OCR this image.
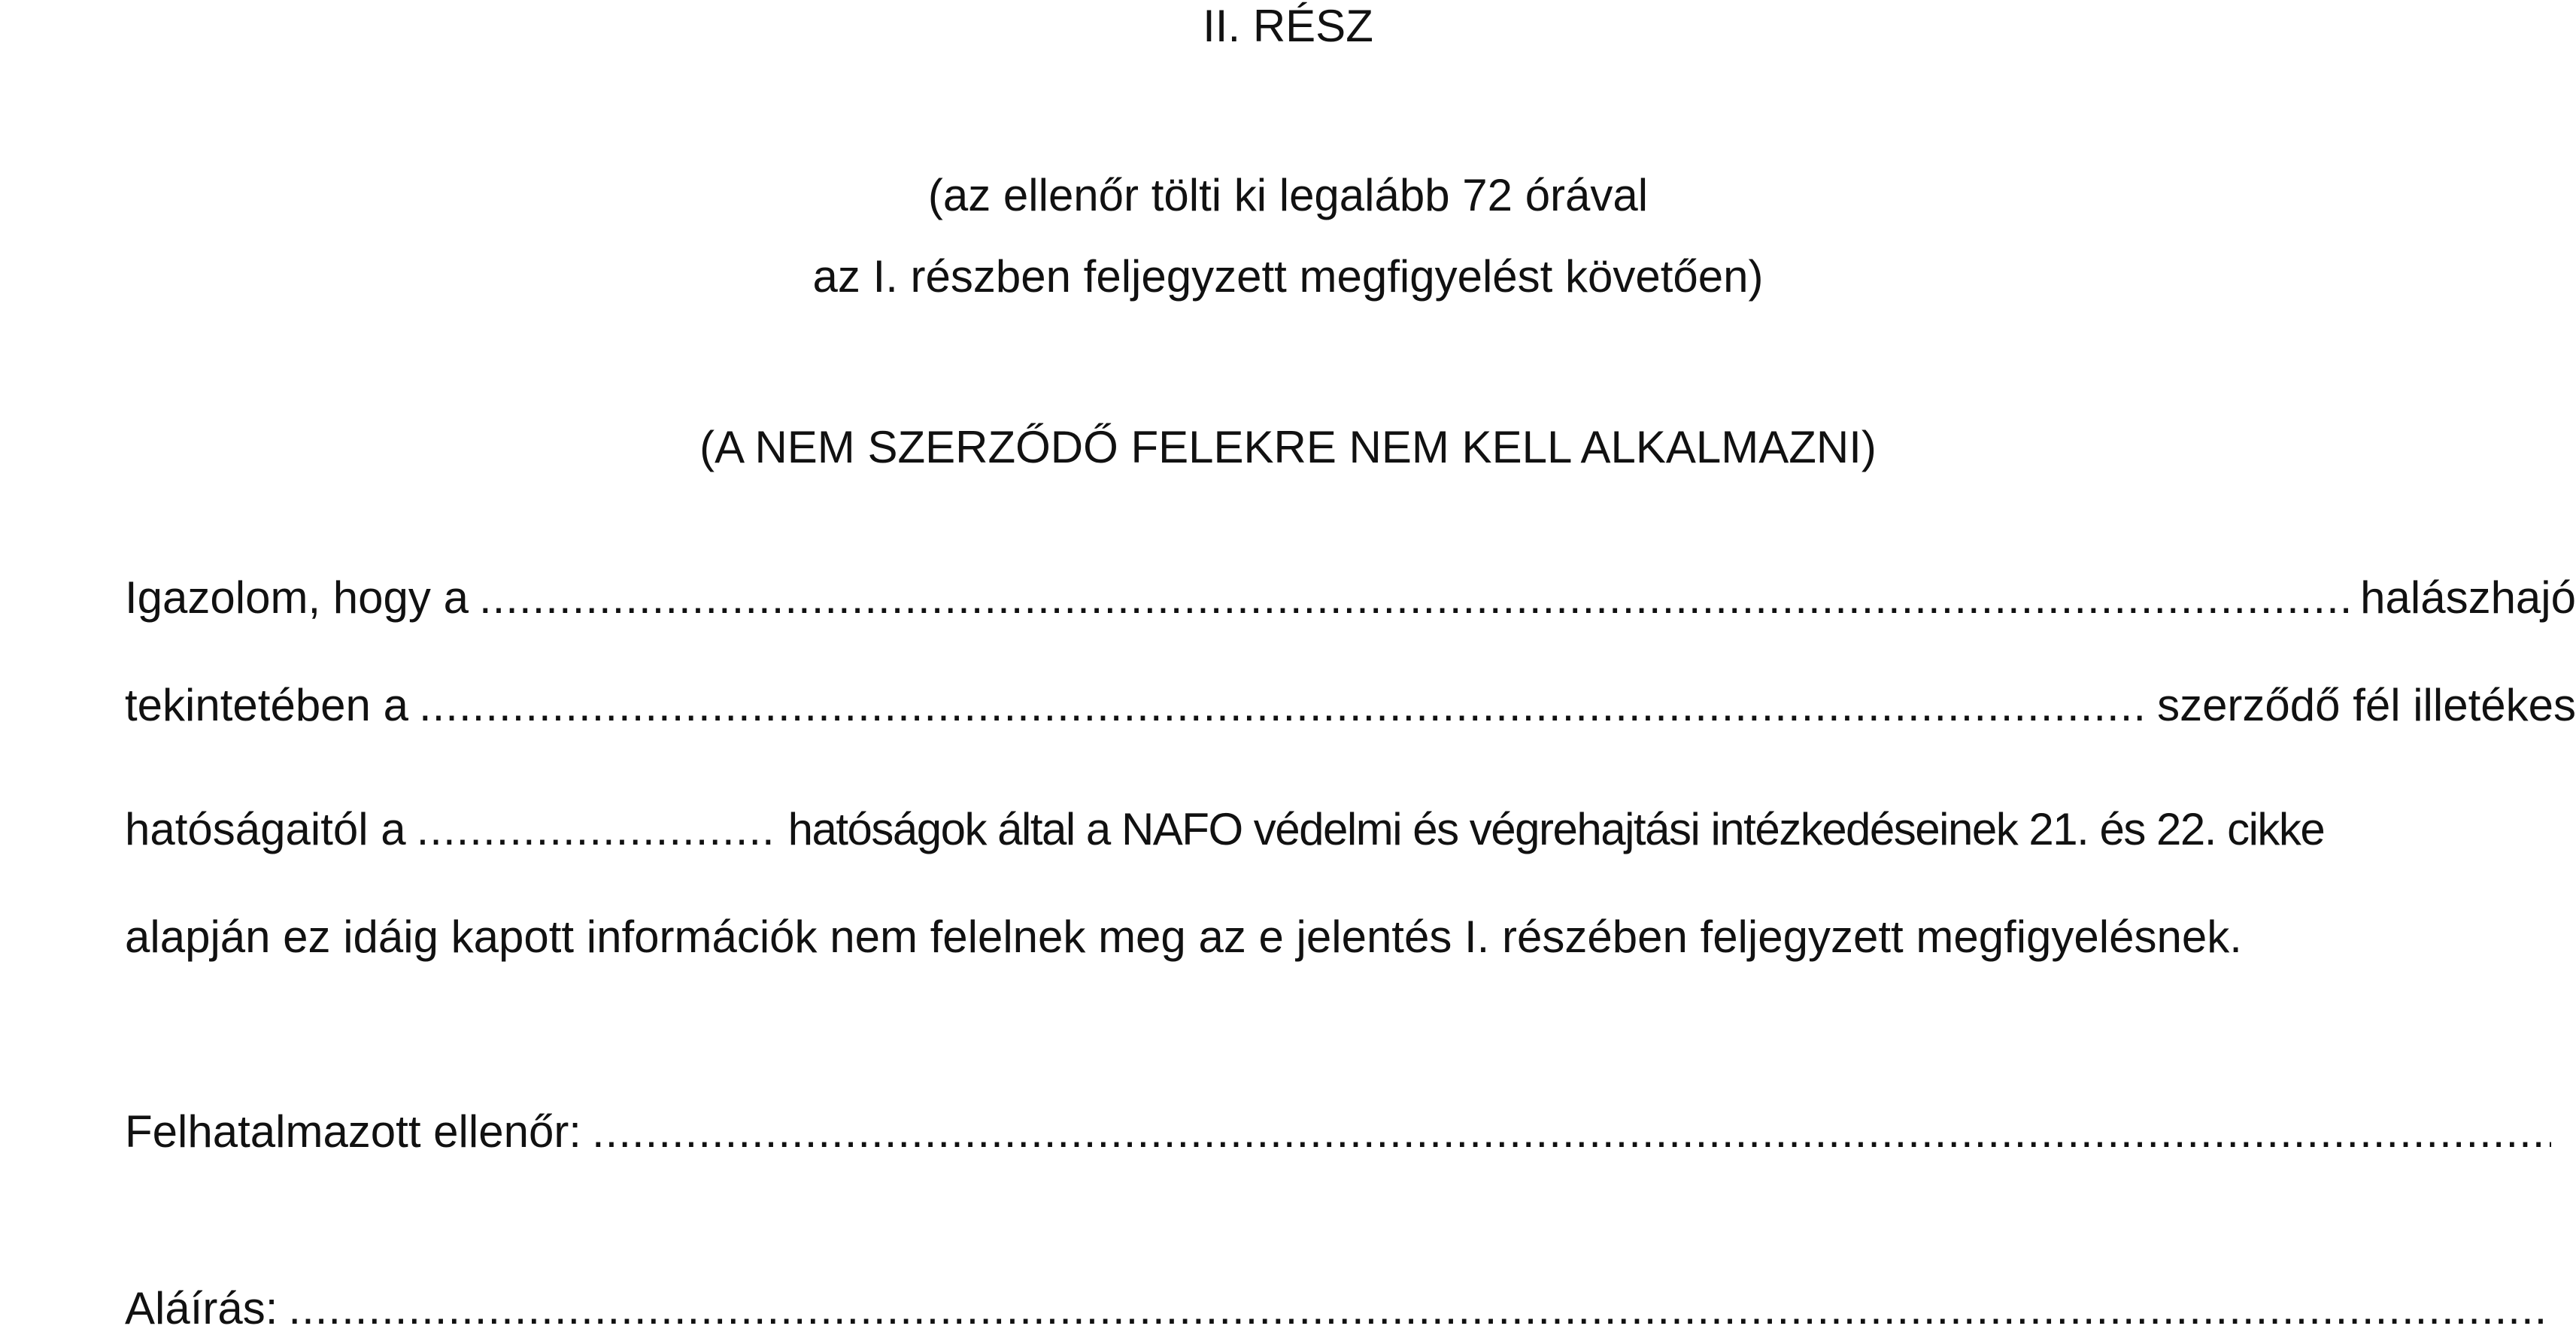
II. RÉSZ
(az ellenőr tölti ki legalább 72 órával
az I. részben feljegyzett megfigyelést követően)
(A NEM SZERZŐDŐ FELEKRE NEM KELL ALKALMAZNI)
Igazolom, hogy a .....	halászhajó
tekintetében a .....	szerződő fél illetékes
hatóságaitól a .....	hatóságok által a NAFO védelmi és végrehajtási intézkedéseinek 21. és 22. cikke
alapján ez idáig kapott információk nem felelnek meg az e jelentés I. részében feljegyzett megfigyelésnek.
Felhatalmazott ellenőr:
.....
Aláírás:
.....
